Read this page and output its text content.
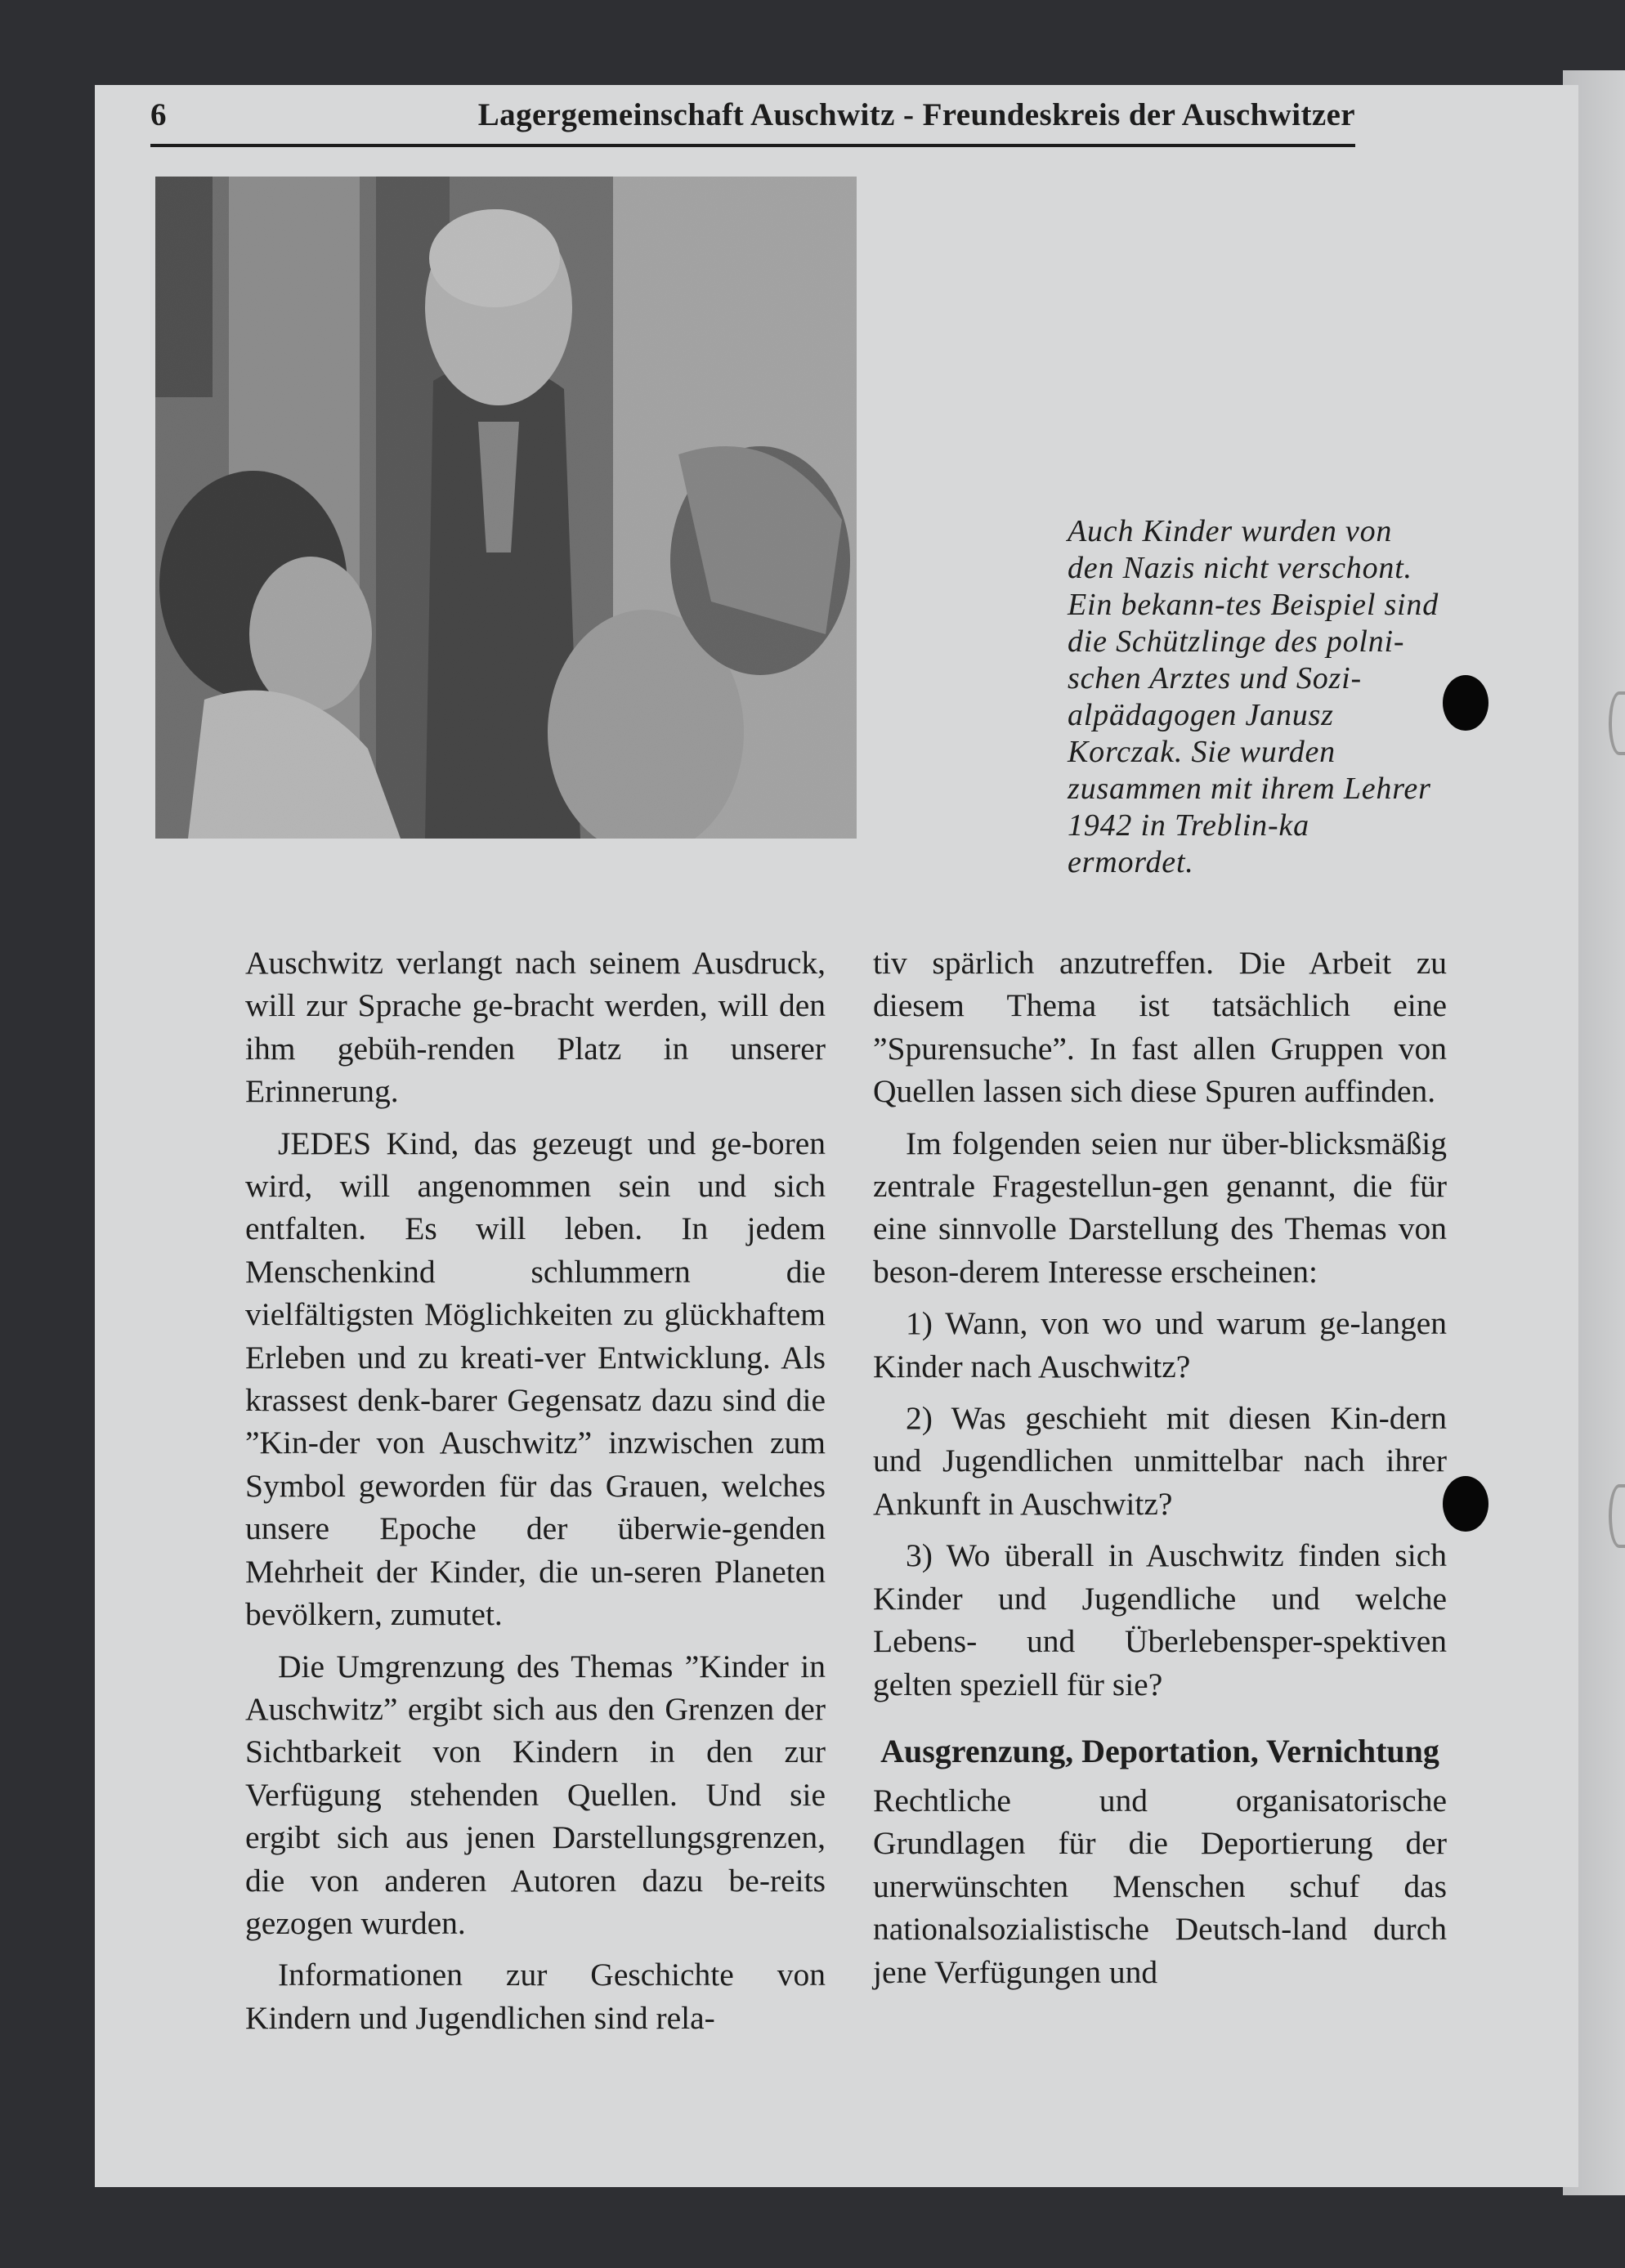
6	Lagergemeinschaft Auschwitz - Freundeskreis der Auschwitzer
Auch Kinder wurden von den Nazis nicht verschont. Ein bekann-tes Beispiel sind die Schützlinge des polni-schen Arztes und Sozi-alpädagogen Janusz Korczak. Sie wurden zusammen mit ihrem Lehrer 1942 in Treblin-ka ermordet.

Auschwitz verlangt nach seinem Ausdruck, will zur Sprache ge-bracht werden, will den ihm gebüh-renden Platz in unserer Erinnerung.

JEDES Kind, das gezeugt und ge-boren wird, will angenommen sein und sich entfalten. Es will leben. In jedem Menschenkind schlummern die vielfältigsten Möglichkeiten zu glückhaftem Erleben und zu kreati-ver Entwicklung. Als krassest denk-barer Gegensatz dazu sind die ”Kin-der von Auschwitz” inzwischen zum Symbol geworden für das Grauen, welches unsere Epoche der überwie-genden Mehrheit der Kinder, die un-seren Planeten bevölkern, zumutet.

Die Umgrenzung des Themas ”Kinder in Auschwitz” ergibt sich aus den Grenzen der Sichtbarkeit von Kindern in den zur Verfügung stehenden Quellen. Und sie ergibt sich aus jenen Darstellungsgrenzen, die von anderen Autoren dazu be-reits gezogen wurden.

Informationen zur Geschichte von Kindern und Jugendlichen sind rela-

tiv spärlich anzutreffen. Die Arbeit zu diesem Thema ist tatsächlich eine ”Spurensuche”. In fast allen Gruppen von Quellen lassen sich diese Spuren auffinden.

Im folgenden seien nur über-blicksmäßig zentrale Fragestellun-gen genannt, die für eine sinnvolle Darstellung des Themas von beson-derem Interesse erscheinen:

1) Wann, von wo und warum ge-langen Kinder nach Auschwitz?

2) Was geschieht mit diesen Kin-dern und Jugendlichen unmittelbar nach ihrer Ankunft in Auschwitz?

3) Wo überall in Auschwitz finden sich Kinder und Jugendliche und welche Lebens- und Überlebensper-spektiven gelten speziell für sie?

Ausgrenzung, Deportation, Vernichtung

Rechtliche und organisatorische Grundlagen für die Deportierung der unerwünschten Menschen schuf das nationalsozialistische Deutsch-land durch jene Verfügungen und
